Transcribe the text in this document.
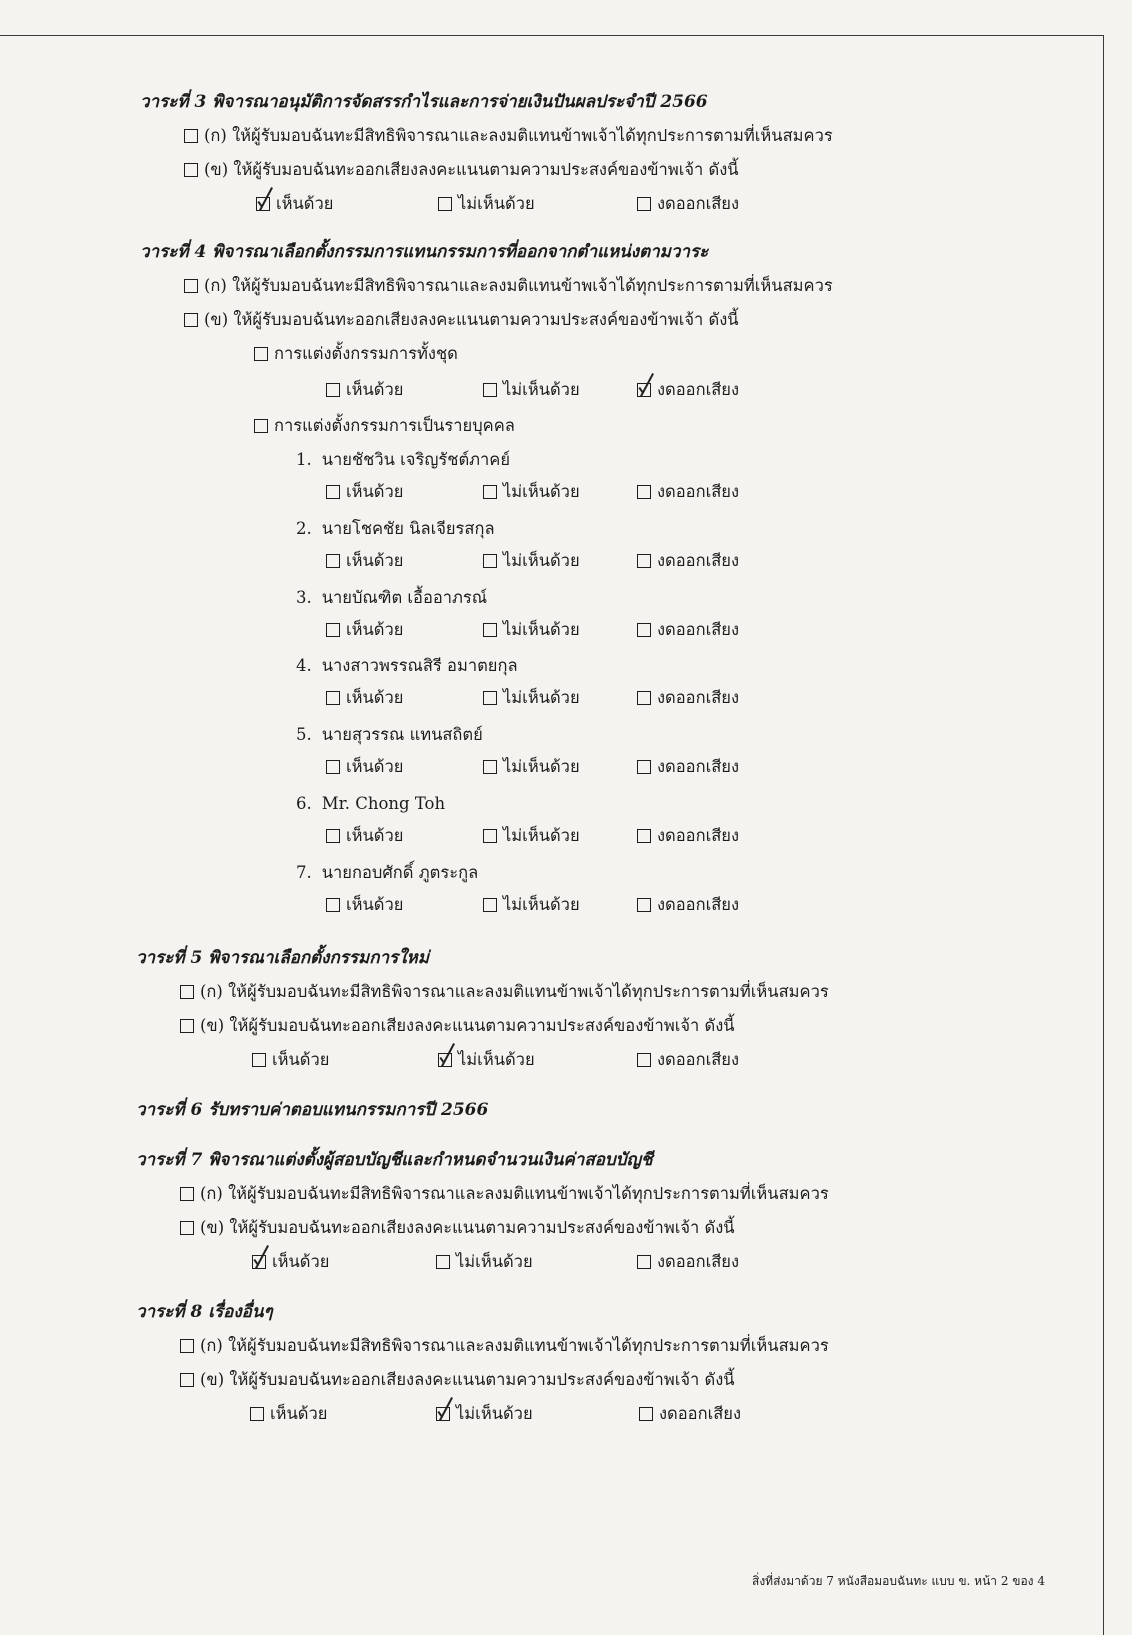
วาระที่ 3 พิจารณาอนุมัติการจัดสรรกำไรและการจ่ายเงินปันผลประจำปี 2566
(ก) ให้ผู้รับมอบฉันทะมีสิทธิพิจารณาและลงมติแทนข้าพเจ้าได้ทุกประการตามที่เห็นสมควร
(ข) ให้ผู้รับมอบฉันทะออกเสียงลงคะแนนตามความประสงค์ของข้าพเจ้า ดังนี้
เห็นด้วย	ไม่เห็นด้วย	งดออกเสียง
วาระที่ 4 พิจารณาเลือกตั้งกรรมการแทนกรรมการที่ออกจากตำแหน่งตามวาระ
(ก) ให้ผู้รับมอบฉันทะมีสิทธิพิจารณาและลงมติแทนข้าพเจ้าได้ทุกประการตามที่เห็นสมควร
(ข) ให้ผู้รับมอบฉันทะออกเสียงลงคะแนนตามความประสงค์ของข้าพเจ้า ดังนี้
การแต่งตั้งกรรมการทั้งชุด
เห็นด้วย	ไม่เห็นด้วย	งดออกเสียง
การแต่งตั้งกรรมการเป็นรายบุคคล
1. นายชัชวิน เจริญรัชต์ภาคย์
เห็นด้วย	ไม่เห็นด้วย	งดออกเสียง
2. นายโชคชัย นิลเจียรสกุล
เห็นด้วย	ไม่เห็นด้วย	งดออกเสียง
3. นายบัณฑิต เอื้ออาภรณ์
เห็นด้วย	ไม่เห็นด้วย	งดออกเสียง
4. นางสาวพรรณสิรี อมาตยกุล
เห็นด้วย	ไม่เห็นด้วย	งดออกเสียง
5. นายสุวรรณ แทนสถิตย์
เห็นด้วย	ไม่เห็นด้วย	งดออกเสียง
6. Mr. Chong Toh
เห็นด้วย	ไม่เห็นด้วย	งดออกเสียง
7. นายกอบศักดิ์ ภูตระกูล
เห็นด้วย	ไม่เห็นด้วย	งดออกเสียง
วาระที่ 5 พิจารณาเลือกตั้งกรรมการใหม่
(ก) ให้ผู้รับมอบฉันทะมีสิทธิพิจารณาและลงมติแทนข้าพเจ้าได้ทุกประการตามที่เห็นสมควร
(ข) ให้ผู้รับมอบฉันทะออกเสียงลงคะแนนตามความประสงค์ของข้าพเจ้า ดังนี้
เห็นด้วย	ไม่เห็นด้วย	งดออกเสียง
วาระที่ 6 รับทราบค่าตอบแทนกรรมการปี 2566
วาระที่ 7 พิจารณาแต่งตั้งผู้สอบบัญชีและกำหนดจำนวนเงินค่าสอบบัญชี
(ก) ให้ผู้รับมอบฉันทะมีสิทธิพิจารณาและลงมติแทนข้าพเจ้าได้ทุกประการตามที่เห็นสมควร
(ข) ให้ผู้รับมอบฉันทะออกเสียงลงคะแนนตามความประสงค์ของข้าพเจ้า ดังนี้
เห็นด้วย	ไม่เห็นด้วย	งดออกเสียง
วาระที่ 8 เรื่องอื่นๆ
(ก) ให้ผู้รับมอบฉันทะมีสิทธิพิจารณาและลงมติแทนข้าพเจ้าได้ทุกประการตามที่เห็นสมควร
(ข) ให้ผู้รับมอบฉันทะออกเสียงลงคะแนนตามความประสงค์ของข้าพเจ้า ดังนี้
เห็นด้วย	ไม่เห็นด้วย	งดออกเสียง
สิ่งที่ส่งมาด้วย 7 หนังสือมอบฉันทะ แบบ ข. หน้า 2 ของ 4
